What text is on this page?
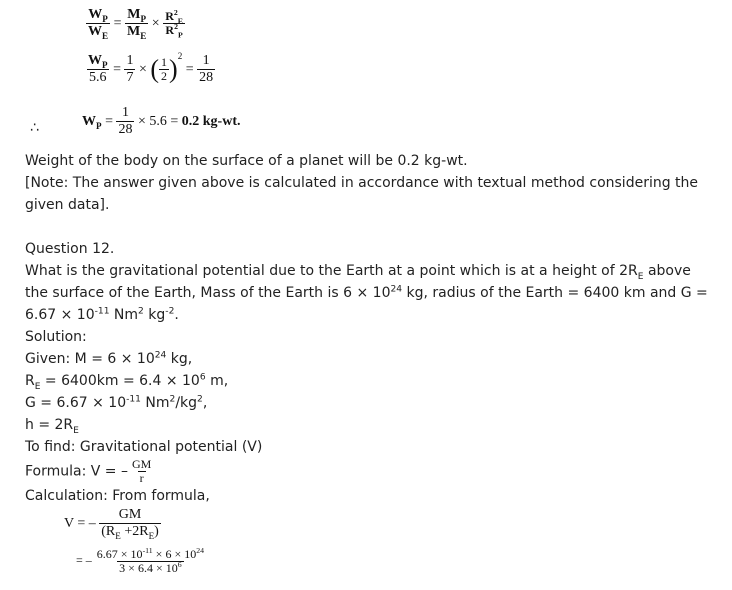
$\frac{W_P}{W_E} = \frac{M_P}{M_E} \times \frac{R^2_E}{R^2_P}$
$\frac{W_P}{5.6} = \frac{1}{7}$ × ( $\frac{1}{2} )^2 = \frac{1}{28}$
∴	$W_P = \frac{1}{28} \times 5.6 = 0.2$ kg-wt.
Weight of the body on the surface of a planet will be 0.2 kg-wt.
[Note: The answer given above is calculated in accordance with textual method considering the
given data].

Question 12.
What is the gravitational potential due to the Earth at a point which is at a height of $2R_E$ above
the surface of the Earth, Mass of the Earth is $6 \times 10^{24}$ kg, radius of the Earth = 6400 km and G =
$6.67 \times 10^{-11}$ Nm$^2$ $kg^{-2}$.
Solution:
Given: $M = 6 \times 10^{24}$ kg,
$R_E = 6400km = 6.4 \times 10^6$ m,
$G = 6.67 \times 10^{-11}$ $Nm^2/kg^2$,
$h = 2R_E$
To find: Gravitational potential (V)
Formula: V = – $\frac{GM}{r}$
Calculation: From formula,
V = – $\frac{GM}{(R_E +2R_E)}$
= – $\frac{6.67 \times 10^{-11} \times 6 \times 10^{24}}{3 \times 6.4 \times 10^6}$
